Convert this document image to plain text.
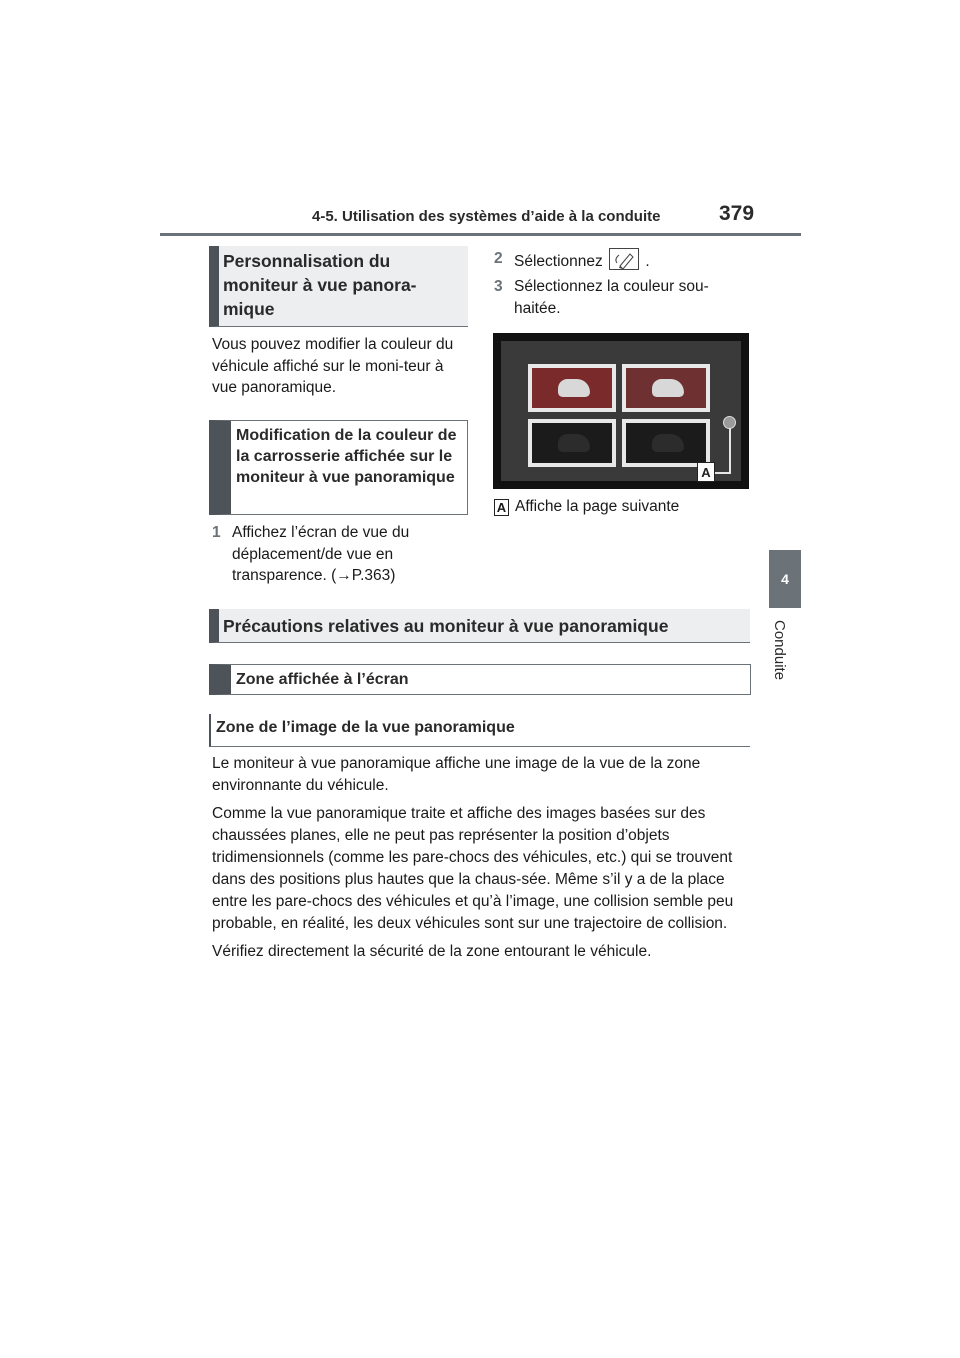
4-5. Utilisation des systèmes d’aide à la conduite	379
4
Conduite
Personnalisation du moniteur à vue panora-mique
Vous pouvez modifier la couleur du véhicule affiché sur le moni-teur à vue panoramique.
Modification de la couleur de la carrosserie affichée sur le moniteur à vue panoramique
1 Affichez l’écran de vue du déplacement/de vue en transparence. (→P.363)
2 Sélectionnez	.
3 Sélectionnez la couleur sou-haitée.
A
A Affiche la page suivante
Précautions relatives au moniteur à vue panoramique
Zone affichée à l’écran
Zone de l’image de la vue panoramique

Le moniteur à vue panoramique affiche une image de la vue de la zone environnante du véhicule.

Comme la vue panoramique traite et affiche des images basées sur des chaussées planes, elle ne peut pas représenter la position d’objets tridimensionnels (comme les pare-chocs des véhicules, etc.) qui se trouvent dans des positions plus hautes que la chaus-sée. Même s’il y a de la place entre les pare-chocs des véhicules et qu’à l’image, une collision semble peu probable, en réalité, les deux véhicules sont sur une trajectoire de collision.

Vérifiez directement la sécurité de la zone entourant le véhicule.
